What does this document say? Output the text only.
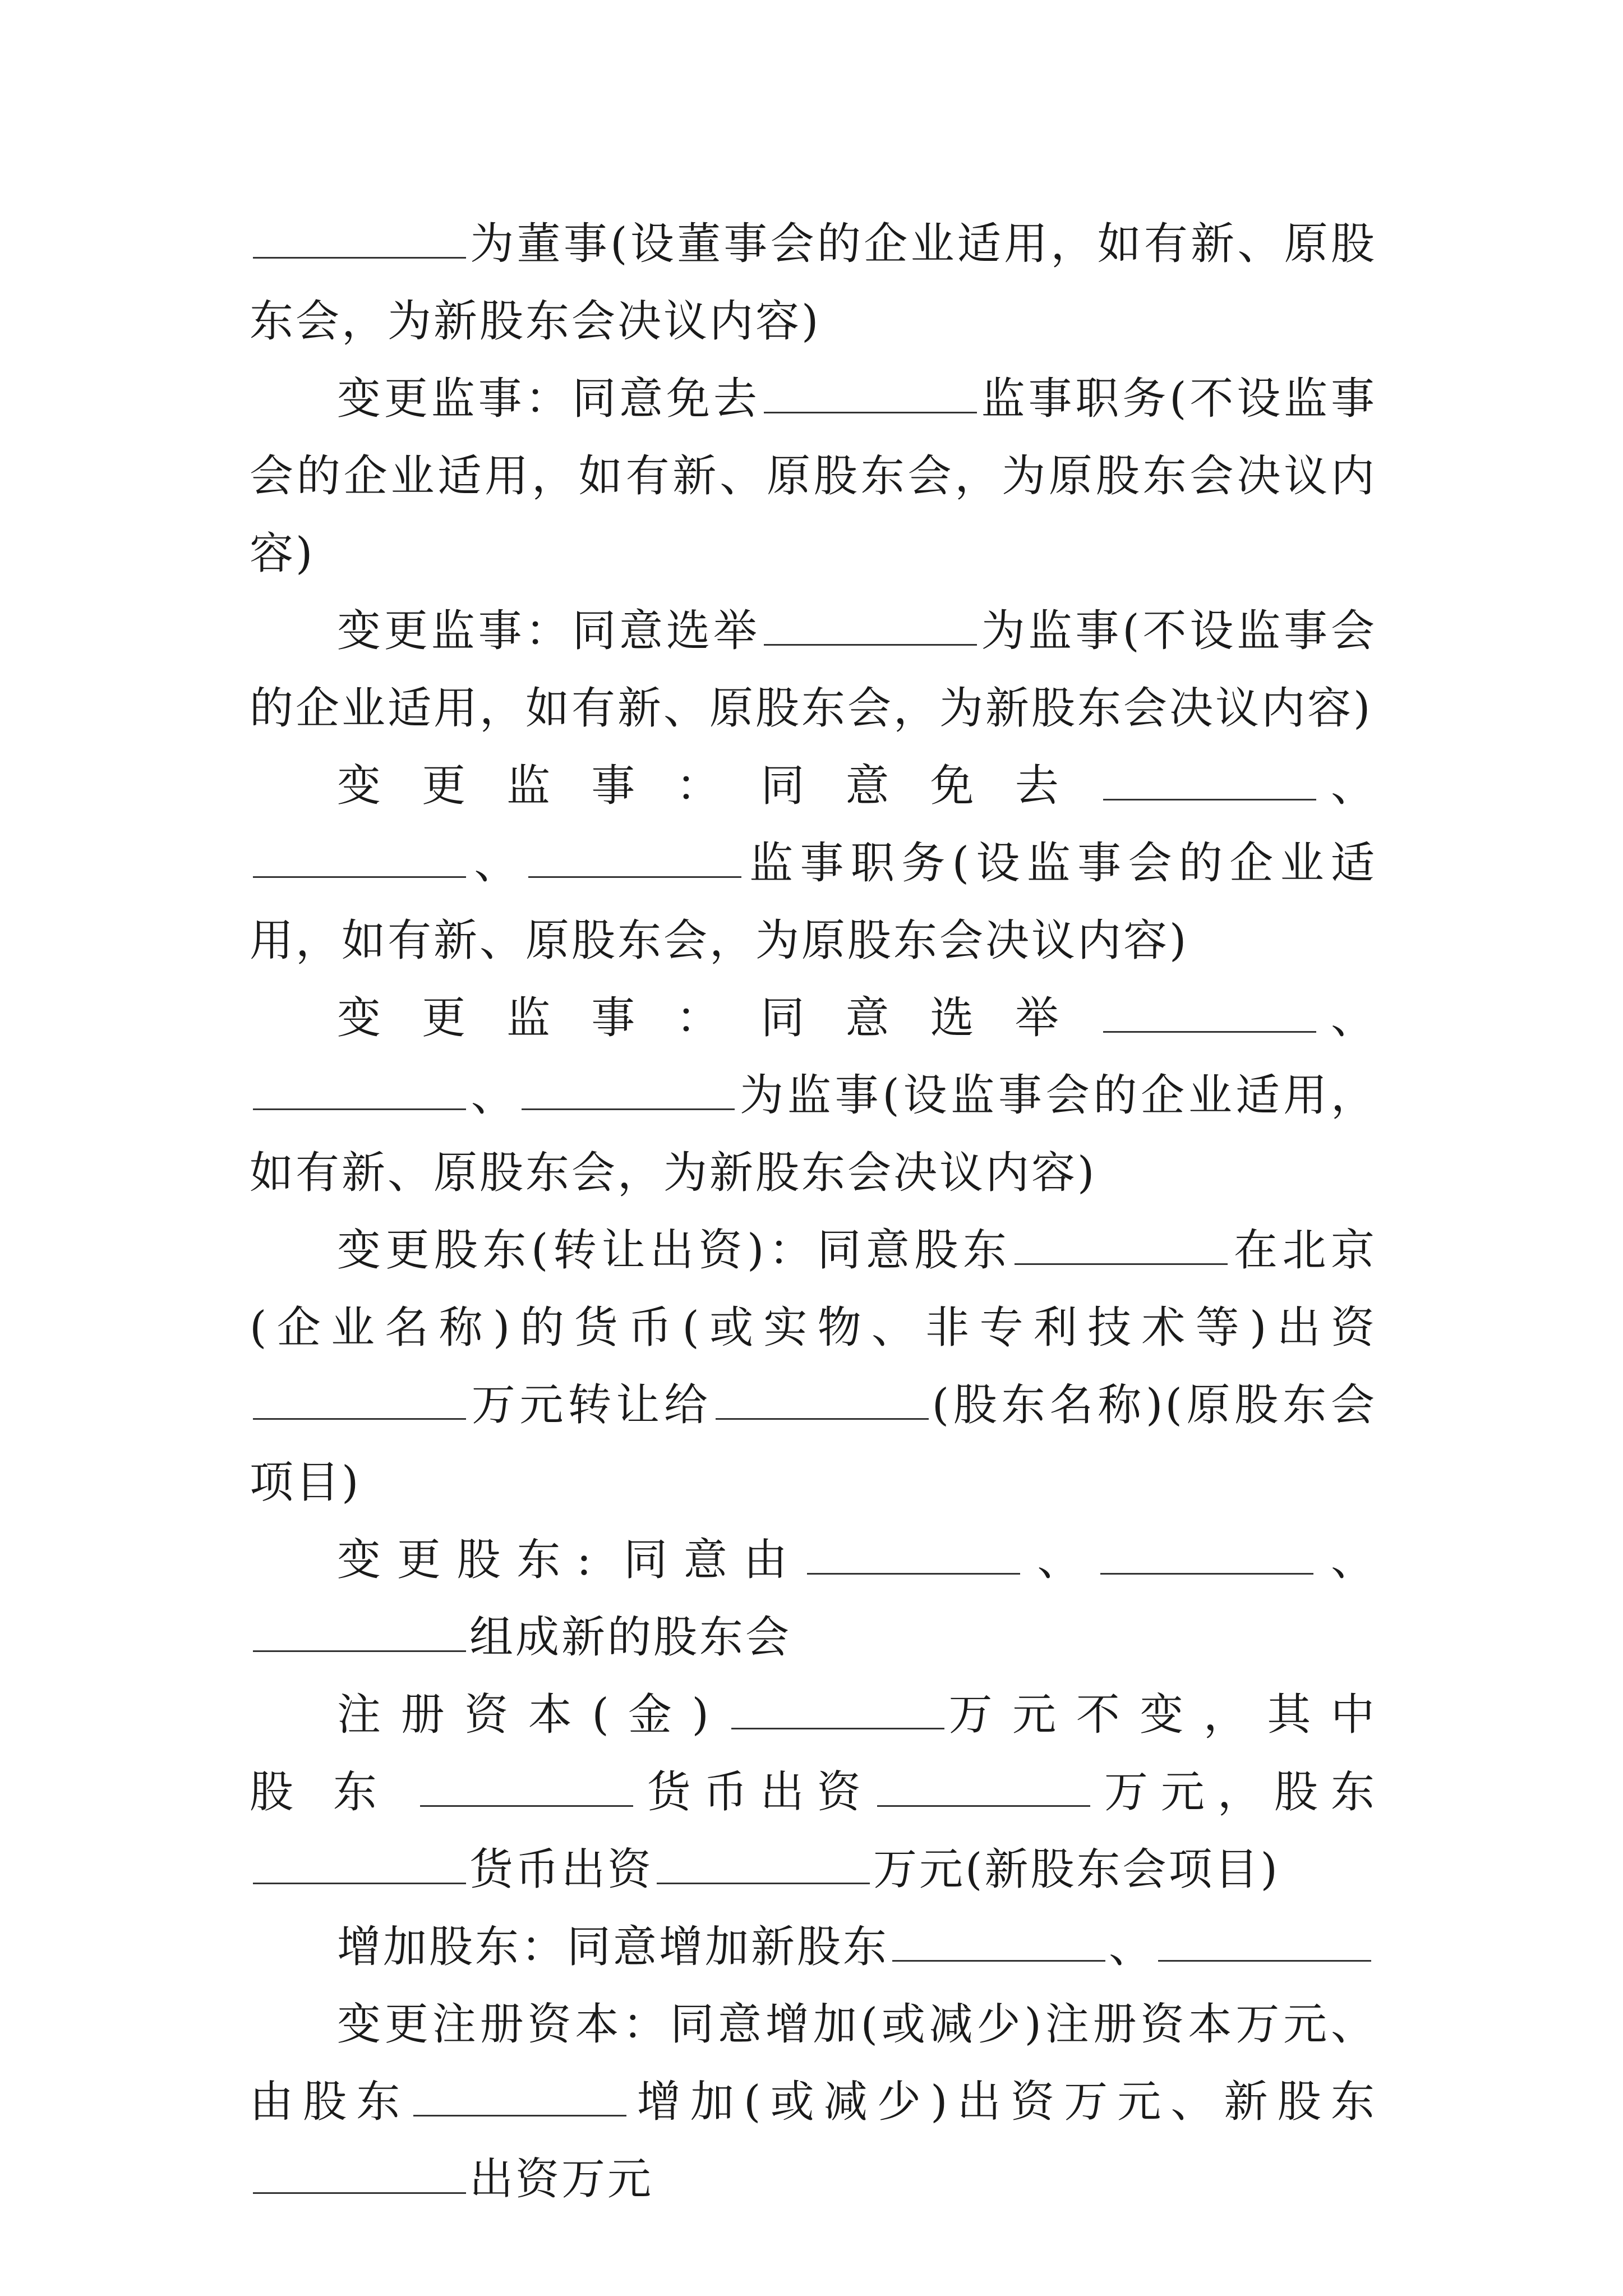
为董事(设董事会的企业适用，如有新、原股东会，为新股东会决议内容)

变更监事：同意免去	监事职务(不设监事会的企业适用，如有新、原股东会，为原股东会决议内容)

变更监事：同意选举	为监事(不设监事会的企业适用，如有新、原股东会，为新股东会决议内容)

变 更 监 事 ： 同 意 免 去	、、	监事职务(设监事会的企业适用，如有新、原股东会，为原股东会决议内容)

变 更 监 事 ： 同 意 选 举	、、	为监事(设监事会的企业适用，如有新、原股东会，为新股东会决议内容)

变更股东(转让出资)：同意股东	在北京(企业名称)的货币(或实物、非专利技术等)出资万元转让给	(股东名称)(原股东会项目)

变更股东: 同意由	、	、组成新的股东会

注 册 资 本 ( 金 )	万 元 不 变 ， 其 中 股 东	货币出资	万元，股东货币出资	万元(新股东会项目)

增加股东：同意增加新股东	、

变更注册资本：同意增加(或减少)注册资本万元、由股东	增加(或减少)出资万元、新股东出资万元
